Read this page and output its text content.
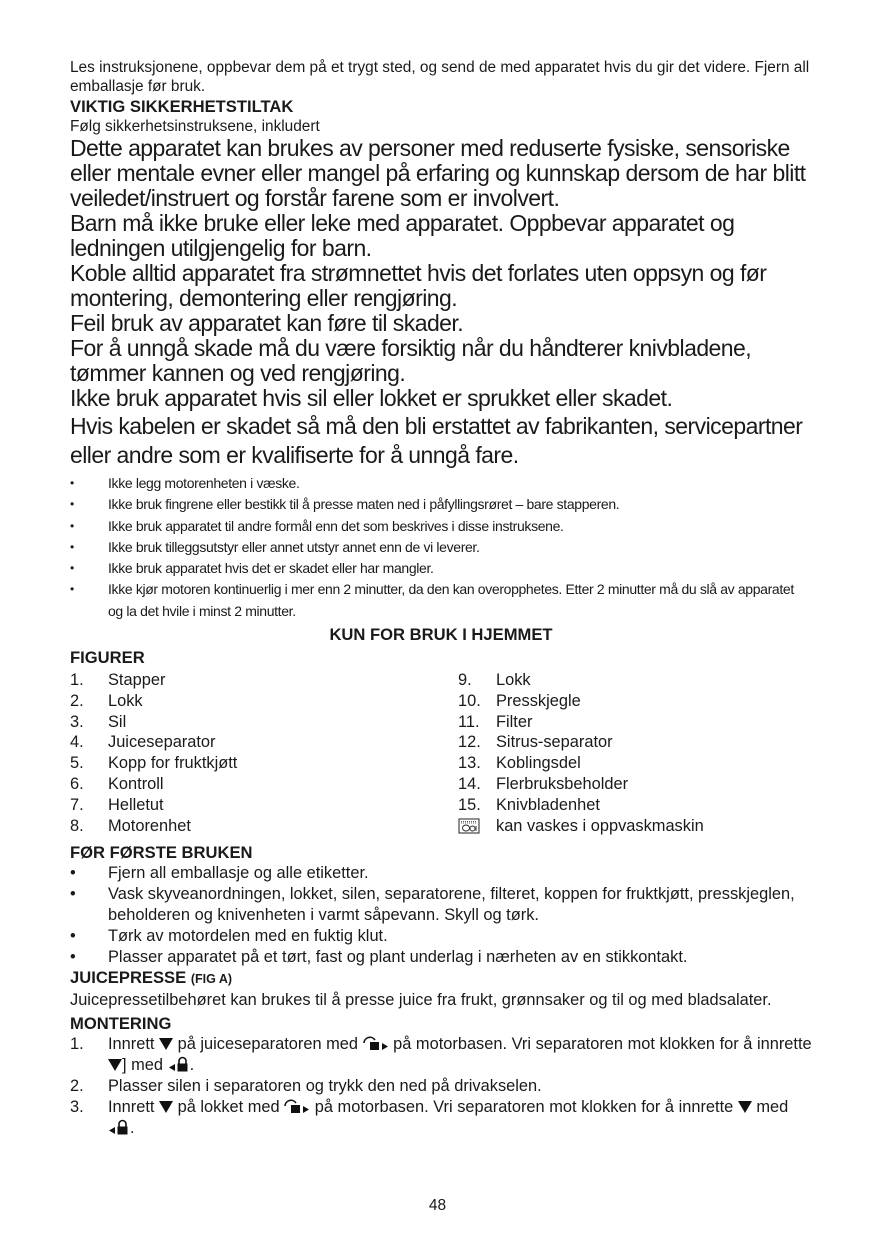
Les instruksjonene, oppbevar dem på et trygt sted, og send de med apparatet hvis du gir det videre. Fjern all emballasje før bruk.

VIKTIG SIKKERHETSTILTAK

Følg sikkerhetsinstruksene, inkludert

Dette apparatet kan brukes av personer med reduserte fysiske, sensoriske eller mentale evner eller mangel på erfaring og kunnskap dersom de har blitt veiledet/instruert og forstår farene som er involvert.

Barn må ikke bruke eller leke med apparatet. Oppbevar apparatet og ledningen utilgjengelig for barn.

Koble alltid apparatet fra strømnettet hvis det forlates uten oppsyn og før montering, demontering eller rengjøring.

Feil bruk av apparatet kan føre til skader.

For å unngå skade må du være forsiktig når du håndterer knivbladene, tømmer kannen og ved rengjøring.

Ikke bruk apparatet hvis sil eller lokket er sprukket eller skadet.

Hvis kabelen er skadet så må den bli erstattet av fabrikanten, servicepartner eller andre som er kvalifiserte for å unngå fare.

• Ikke legg motorenheten i væske.
• Ikke bruk fingrene eller bestikk til å presse maten ned i påfyllingsrøret – bare stapperen.
• Ikke bruk apparatet til andre formål enn det som beskrives i disse instruksene.
• Ikke bruk tilleggsutstyr eller annet utstyr annet enn de vi leverer.
• Ikke bruk apparatet hvis det er skadet eller har mangler.
• Ikke kjør motoren kontinuerlig i mer enn 2 minutter, da den kan overopphetes. Etter 2 minutter må du slå av apparatet og la det hvile i minst 2 minutter.

KUN FOR BRUK I HJEMMET

FIGURER

1.	Stapper
2.	Lokk
3.	Sil
4.	Juiceseparator
5.	Kopp for fruktkjøtt
6.	Kontroll
7.	Helletut
8.	Motorenhet
9.	Lokk
10. Presskjegle
11.	Filter
12. Sitrus-separator
13. Koblingsdel
14. Flerbruksbeholder
15. Knivbladenhet
kan vaskes i oppvaskmaskin

FØR FØRSTE BRUKEN

• Fjern all emballasje og alle etiketter.
• Vask skyveanordningen, lokket, silen, separatorene, filteret, koppen for fruktkjøtt, presskjeglen, beholderen og knivenheten i varmt såpevann. Skyll og tørk.
• Tørk av motordelen med en fuktig klut.
• Plasser apparatet på et tørt, fast og plant underlag i nærheten av en stikkontakt.

JUICEPRESSE (FIG A)

Juicepressetilbehøret kan brukes til å presse juice fra frukt, grønnsaker og til og med bladsalater.

MONTERING

1. Innrett på juiceseparatoren med på motorbasen. Vri separatoren mot klokken for å innrette ] med .
2. Plasser silen i separatoren og trykk den ned på drivakselen.
3. Innrett på lokket med på motorbasen. Vri separatoren mot klokken for å innrette med .
48
